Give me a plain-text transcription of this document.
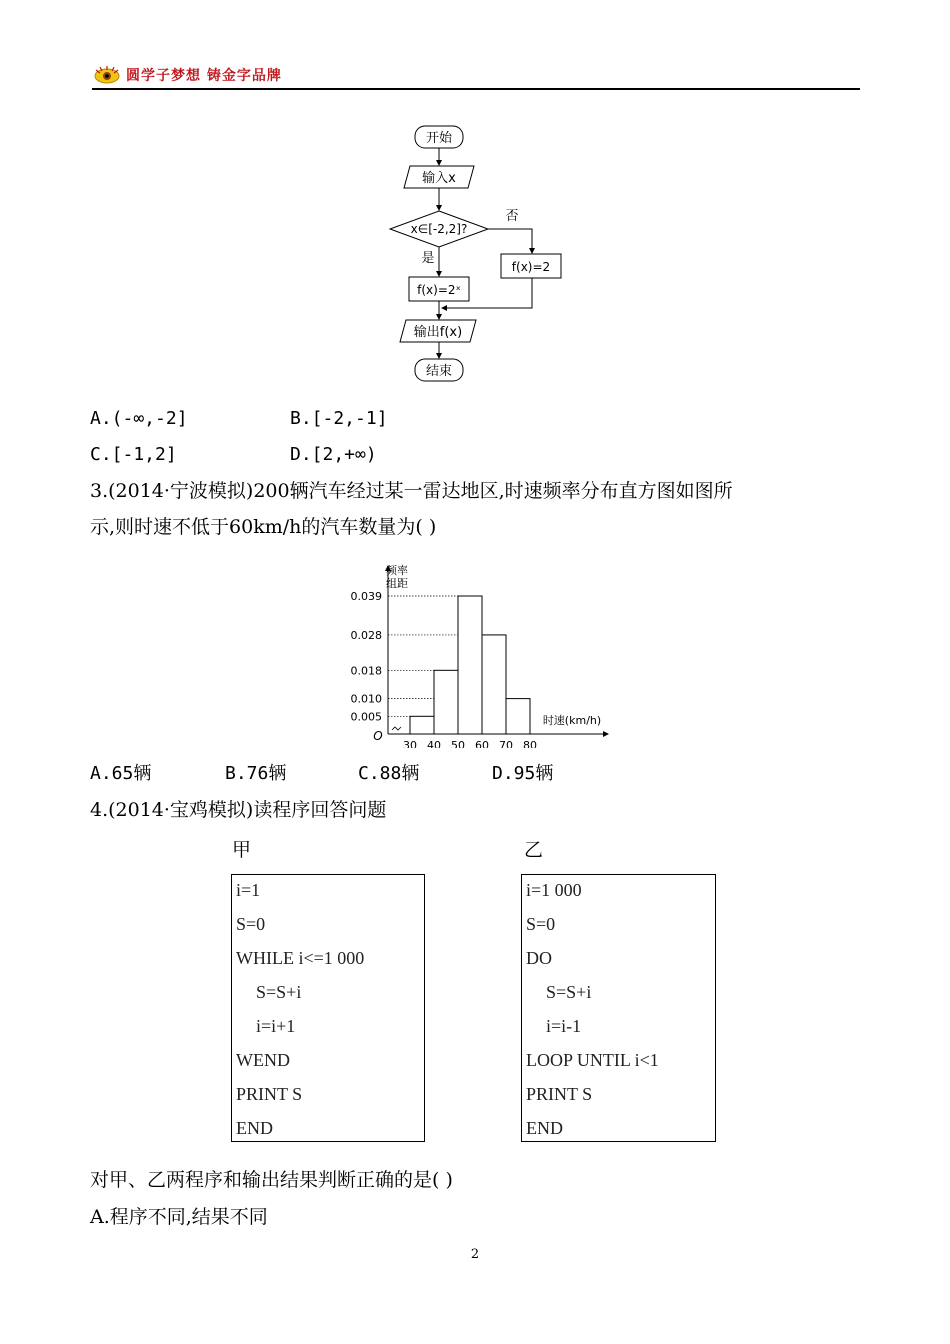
圆学子梦想 铸金字品牌
开始
输入x
x∈[-2,2]?
否
是
f(x)=2
f(x)=2ˣ
输出f(x)
结束
A.(-∞,-2]	B.[-2,-1]
C.[-1,2]	D.[2,+∞)
3.(2014·宁波模拟)200辆汽车经过某一雷达地区,时速频率分布直方图如图所
示,则时速不低于60km/h的汽车数量为( )
频率
组距
O
时速(km/h)
0.005
0.010
0.018
0.028
0.039
30 40 50 60 70 80
A.65辆	B.76辆	C.88辆	D.95辆
4.(2014·宝鸡模拟)读程序回答问题
甲	乙
i=1
S=0
WHILE i<=1 000
S=S+i
i=i+1
WEND
PRINT S
END
i=1 000
S=0
DO
S=S+i
i=i-1
LOOP UNTIL i<1
PRINT S
END
对甲、乙两程序和输出结果判断正确的是( )
A.程序不同,结果不同
2
